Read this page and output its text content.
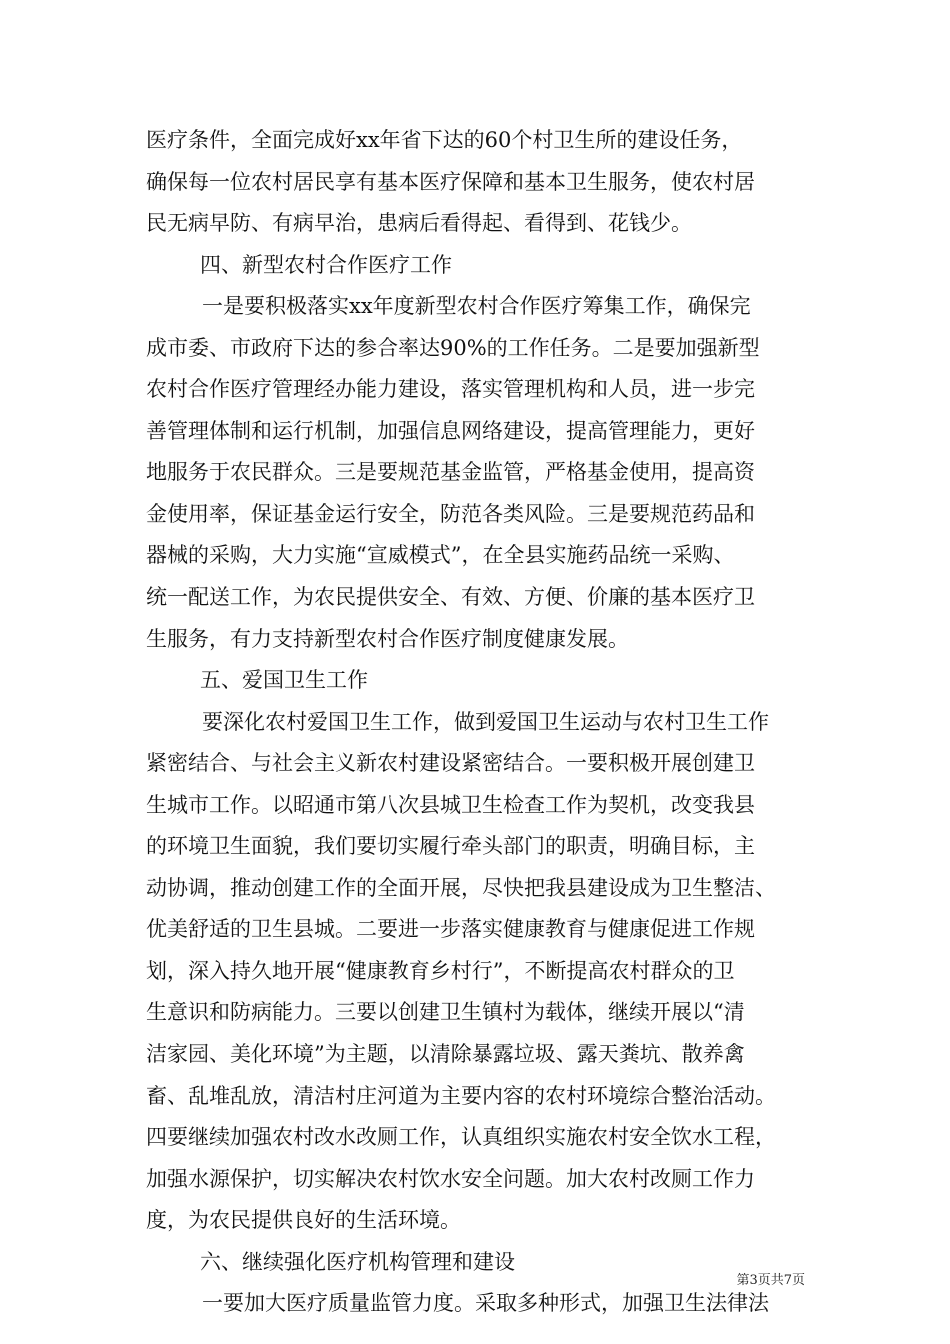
医疗条件，全面完成好xx年省下达的60个村卫生所的建设任务，
确保每一位农村居民享有基本医疗保障和基本卫生服务，使农村居
民无病早防、有病早治，患病后看得起、看得到、花钱少。
四、新型农村合作医疗工作
一是要积极落实xx年度新型农村合作医疗筹集工作，确保完
成市委、市政府下达的参合率达90%的工作任务。二是要加强新型
农村合作医疗管理经办能力建设，落实管理机构和人员，进一步完
善管理体制和运行机制，加强信息网络建设，提高管理能力，更好
地服务于农民群众。三是要规范基金监管，严格基金使用，提高资
金使用率，保证基金运行安全，防范各类风险。三是要规范药品和
器械的采购，大力实施“宣威模式”，在全县实施药品统一采购、
统一配送工作，为农民提供安全、有效、方便、价廉的基本医疗卫
生服务，有力支持新型农村合作医疗制度健康发展。
五、爱国卫生工作
要深化农村爱国卫生工作，做到爱国卫生运动与农村卫生工作
紧密结合、与社会主义新农村建设紧密结合。一要积极开展创建卫
生城市工作。以昭通市第八次县城卫生检查工作为契机，改变我县
的环境卫生面貌，我们要切实履行牵头部门的职责，明确目标，主
动协调，推动创建工作的全面开展，尽快把我县建设成为卫生整洁、
优美舒适的卫生县城。二要进一步落实健康教育与健康促进工作规
划，深入持久地开展“健康教育乡村行”，不断提高农村群众的卫
生意识和防病能力。三要以创建卫生镇村为载体，继续开展以“清
洁家园、美化环境”为主题，以清除暴露垃圾、露天粪坑、散养禽
畜、乱堆乱放，清洁村庄河道为主要内容的农村环境综合整治活动。
四要继续加强农村改水改厕工作，认真组织实施农村安全饮水工程，
加强水源保护，切实解决农村饮水安全问题。加大农村改厕工作力
度，为农民提供良好的生活环境。
六、继续强化医疗机构管理和建设
一要加大医疗质量监管力度。采取多种形式，加强卫生法律法
第3页共7页
